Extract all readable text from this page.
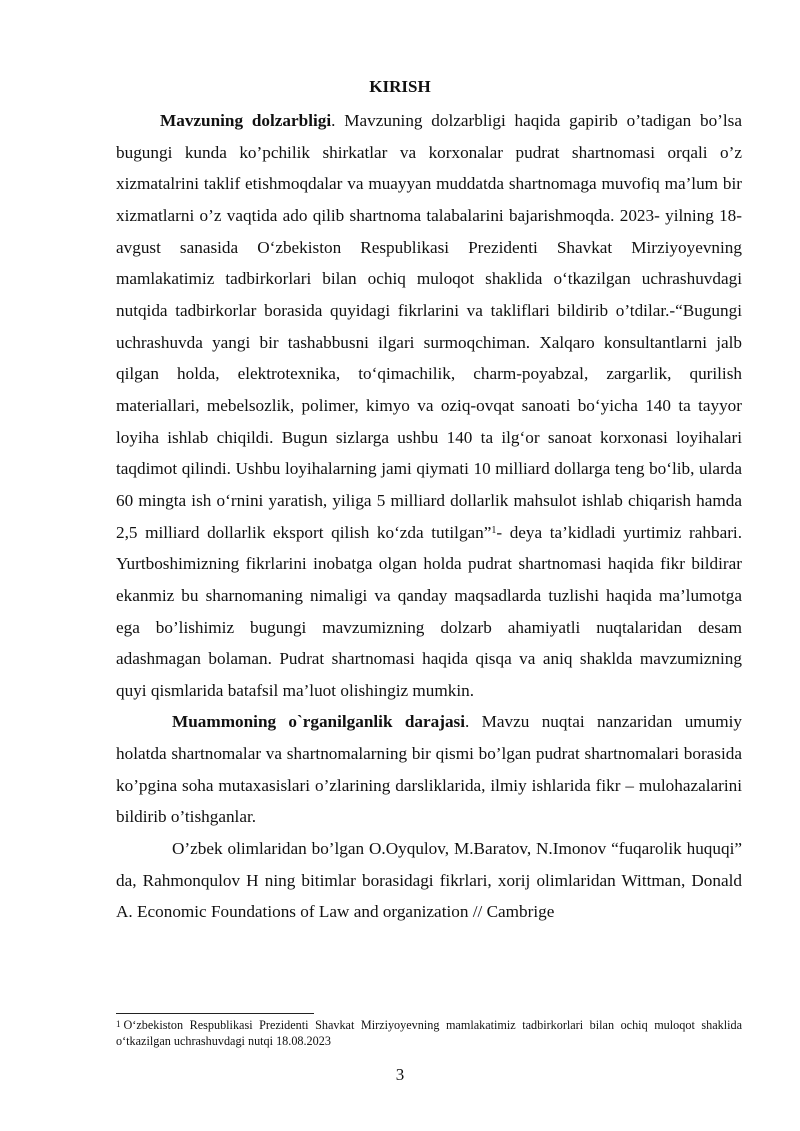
KIRISH

Mavzuning dolzarbligi. Mavzuning dolzarbligi haqida gapirib o’tadigan bo’lsa bugungi kunda ko’pchilik shirkatlar va korxonalar pudrat shartnomasi orqali o’z xizmatalrini taklif etishmoqdalar va muayyan muddatda shartnomaga muvofiq ma’lum bir xizmatlarni o’z vaqtida ado qilib shartnoma talabalarini bajarishmoqda. 2023- yilning 18-avgust sanasida O‘zbekiston Respublikasi Prezidenti Shavkat Mirziyoyevning mamlakatimiz tadbirkorlari bilan ochiq muloqot shaklida o‘tkazilgan uchrashuvdagi nutqida tadbirkorlar borasida quyidagi fikrlarini va takliflari bildirib o’tdilar.-“Bugungi uchrashuvda yangi bir tashabbusni ilgari surmoqchiman. Xalqaro konsultantlarni jalb qilgan holda, elektrotexnika, to‘qimachilik, charm-poyabzal, zargarlik, qurilish materiallari, mebelsozlik, polimer, kimyo va oziq-ovqat sanoati bo‘yicha 140 ta tayyor loyiha ishlab chiqildi. Bugun sizlarga ushbu 140 ta ilg‘or sanoat korxonasi loyihalari taqdimot qilindi. Ushbu loyihalarning jami qiymati 10 milliard dollarga teng bo‘lib, ularda 60 mingta ish o‘rnini yaratish, yiliga 5 milliard dollarlik mahsulot ishlab chiqarish hamda 2,5 milliard dollarlik eksport qilish ko‘zda tutilgan”$^1$- deya ta’kidladi yurtimiz rahbari. Yurtboshimizning fikrlarini inobatga olgan holda pudrat shartnomasi haqida fikr bildirar ekanmiz bu sharnomaning nimaligi va qanday maqsadlarda tuzlishi haqida ma’lumotga ega bo’lishimiz bugungi mavzumizning dolzarb ahamiyatli nuqtalaridan desam adashmagan bolaman. Pudrat shartnomasi haqida qisqa va aniq shaklda mavzumizning quyi qismlarida batafsil ma’luot olishingiz mumkin.

Muammoning o`rganilganlik darajasi. Mavzu nuqtai nanzaridan umumiy holatda shartnomalar va shartnomalarning bir qismi bo’lgan pudrat shartnomalari borasida ko’pgina soha mutaxasislari o’zlarining darsliklarida, ilmiy ishlarida fikr – mulohazalarini bildirib o’tishganlar.

O’zbek olimlaridan bo’lgan O.Oyqulov, M.Baratov, N.Imonov “fuqarolik huquqi” da, Rahmonqulov H ning bitimlar borasidagi fikrlari, xorij olimlaridan Wittman, Donald A. Economic Foundations of Law and organization // Cambrige

$^1$ O‘zbekiston Respublikasi Prezidenti Shavkat Mirziyoyevning mamlakatimiz tadbirkorlari bilan ochiq muloqot shaklida o‘tkazilgan uchrashuvdagi nutqi 18.08.2023
3
